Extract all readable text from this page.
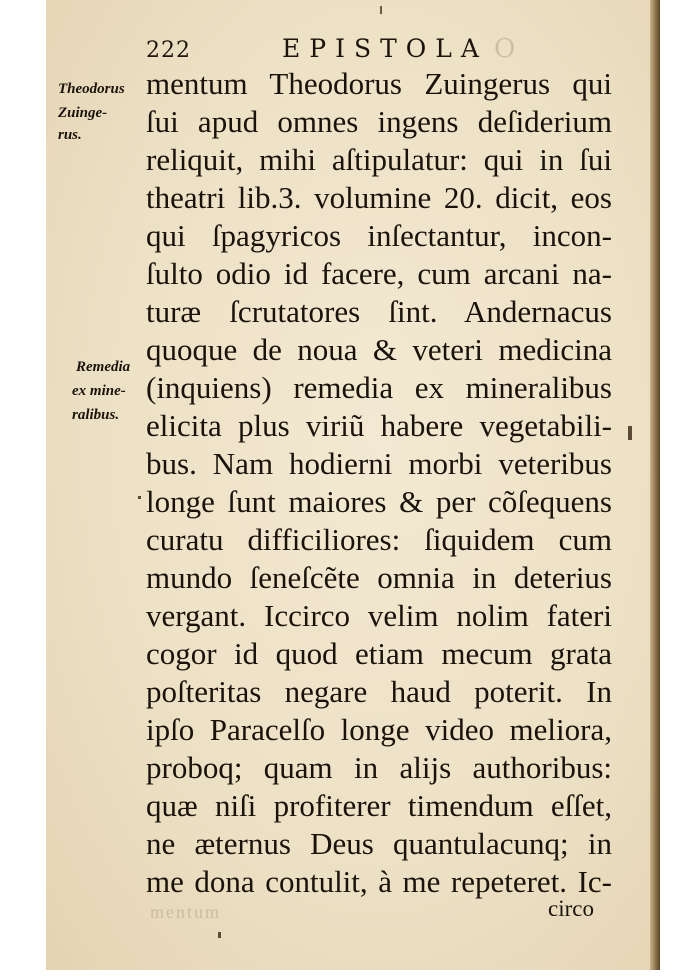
222	EPISTOLA O
mentum Theodorus Zuingerus qui
ſui apud omnes ingens deſiderium
reliquit, mihi aſtipulatur: qui in ſui
theatri lib.3. volumine 20. dicit, eos
qui ſpagyricos inſectantur, incon-
ſulto odio id facere, cum arcani na-
turæ ſcrutatores ſint. Andernacus
quoque de noua & veteri medicina
(inquiens) remedia ex mineralibus
elicita plus viriũ habere vegetabili-
bus. Nam hodierni morbi veteribus
longe ſunt maiores & per cõſequens
curatu difficiliores: ſiquidem cum
mundo ſeneſcẽte omnia in deterius
vergant. Iccirco velim nolim fateri
cogor id quod etiam mecum grata
poſteritas negare haud poterit. In
ipſo Paracelſo longe video meliora,
proboq; quam in alijs authoribus:
quæ niſi profiterer timendum eſſet,
ne æternus Deus quantulacunq; in
me dona contulit, à me repeteret. Ic-
Theodorus
Zuinge-
rus.
Remedia
ex mine-
ralibus.
circo
mentum
